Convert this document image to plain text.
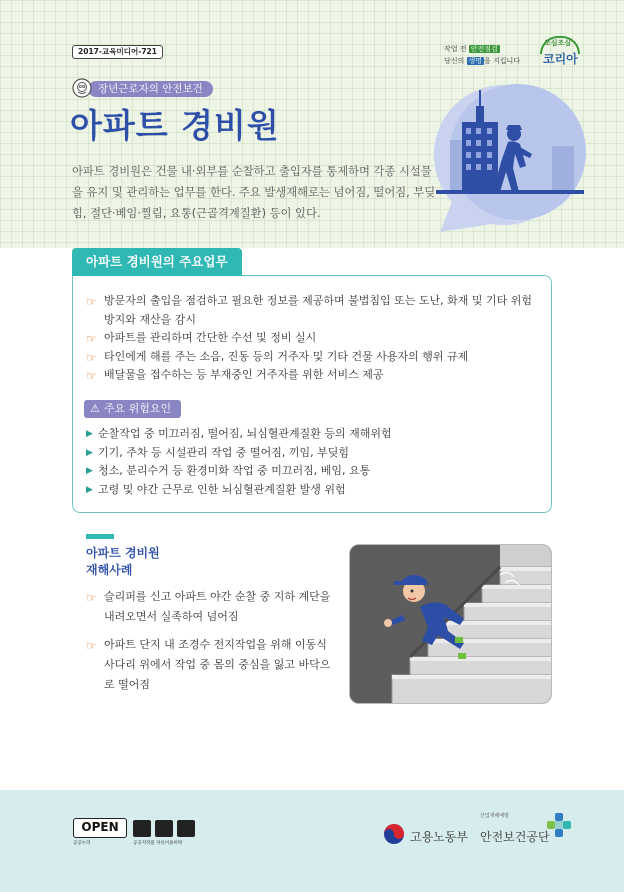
2017-교육미디어-721	작업 전 안전점검
당신의 생명 을 지킵니다
조심조심
코리아
장년근로자의 안전보건
아파트 경비원
아파트 경비원은 건물 내·외부를 순찰하고 출입자를 통제하며 각종 시설물을 유지 및 관리하는 업무를 한다. 주요 발생재해로는 넘어짐, 떨어짐, 부딪힘, 절단·베임·찔림, 요통(근골격계질환) 등이 있다.
아파트 경비원의 주요업무
☞ 방문자의 출입을 점검하고 필요한 정보를 제공하며 불법침입 또는 도난, 화재 및 기타 위험 방지와 재산을 감시
☞ 아파트를 관리하며 간단한 수선 및 정비 실시
☞ 타인에게 해를 주는 소음, 진동 등의 거주자 및 기타 건물 사용자의 행위 규제
☞ 배달물을 접수하는 등 부재중인 거주자를 위한 서비스 제공
⚠ 주요 위험요인
▶ 순찰작업 중 미끄러짐, 떨어짐, 뇌심혈관계질환 등의 재해위험
▶ 기기, 주차 등 시설관리 작업 중 떨어짐, 끼임, 부딪힘
▶ 청소, 분리수거 등 환경미화 작업 중 미끄러짐, 베임, 요통
▶ 고령 및 야간 근무로 인한 뇌심혈관계질환 발생 위험
아파트 경비원
재해사례
☞ 슬리퍼를 신고 아파트 야간 순찰 중 지하 계단을 내려오면서 실족하여 넘어짐
☞ 아파트 단지 내 조경수 전지작업을 위해 이동식 사다리 위에서 작업 중 몸의 중심을 잃고 바닥으로 떨어짐
OPEN
공공누리	공공저작물 자유이용허락	고용노동부
산업재해예방
안전보건공단
